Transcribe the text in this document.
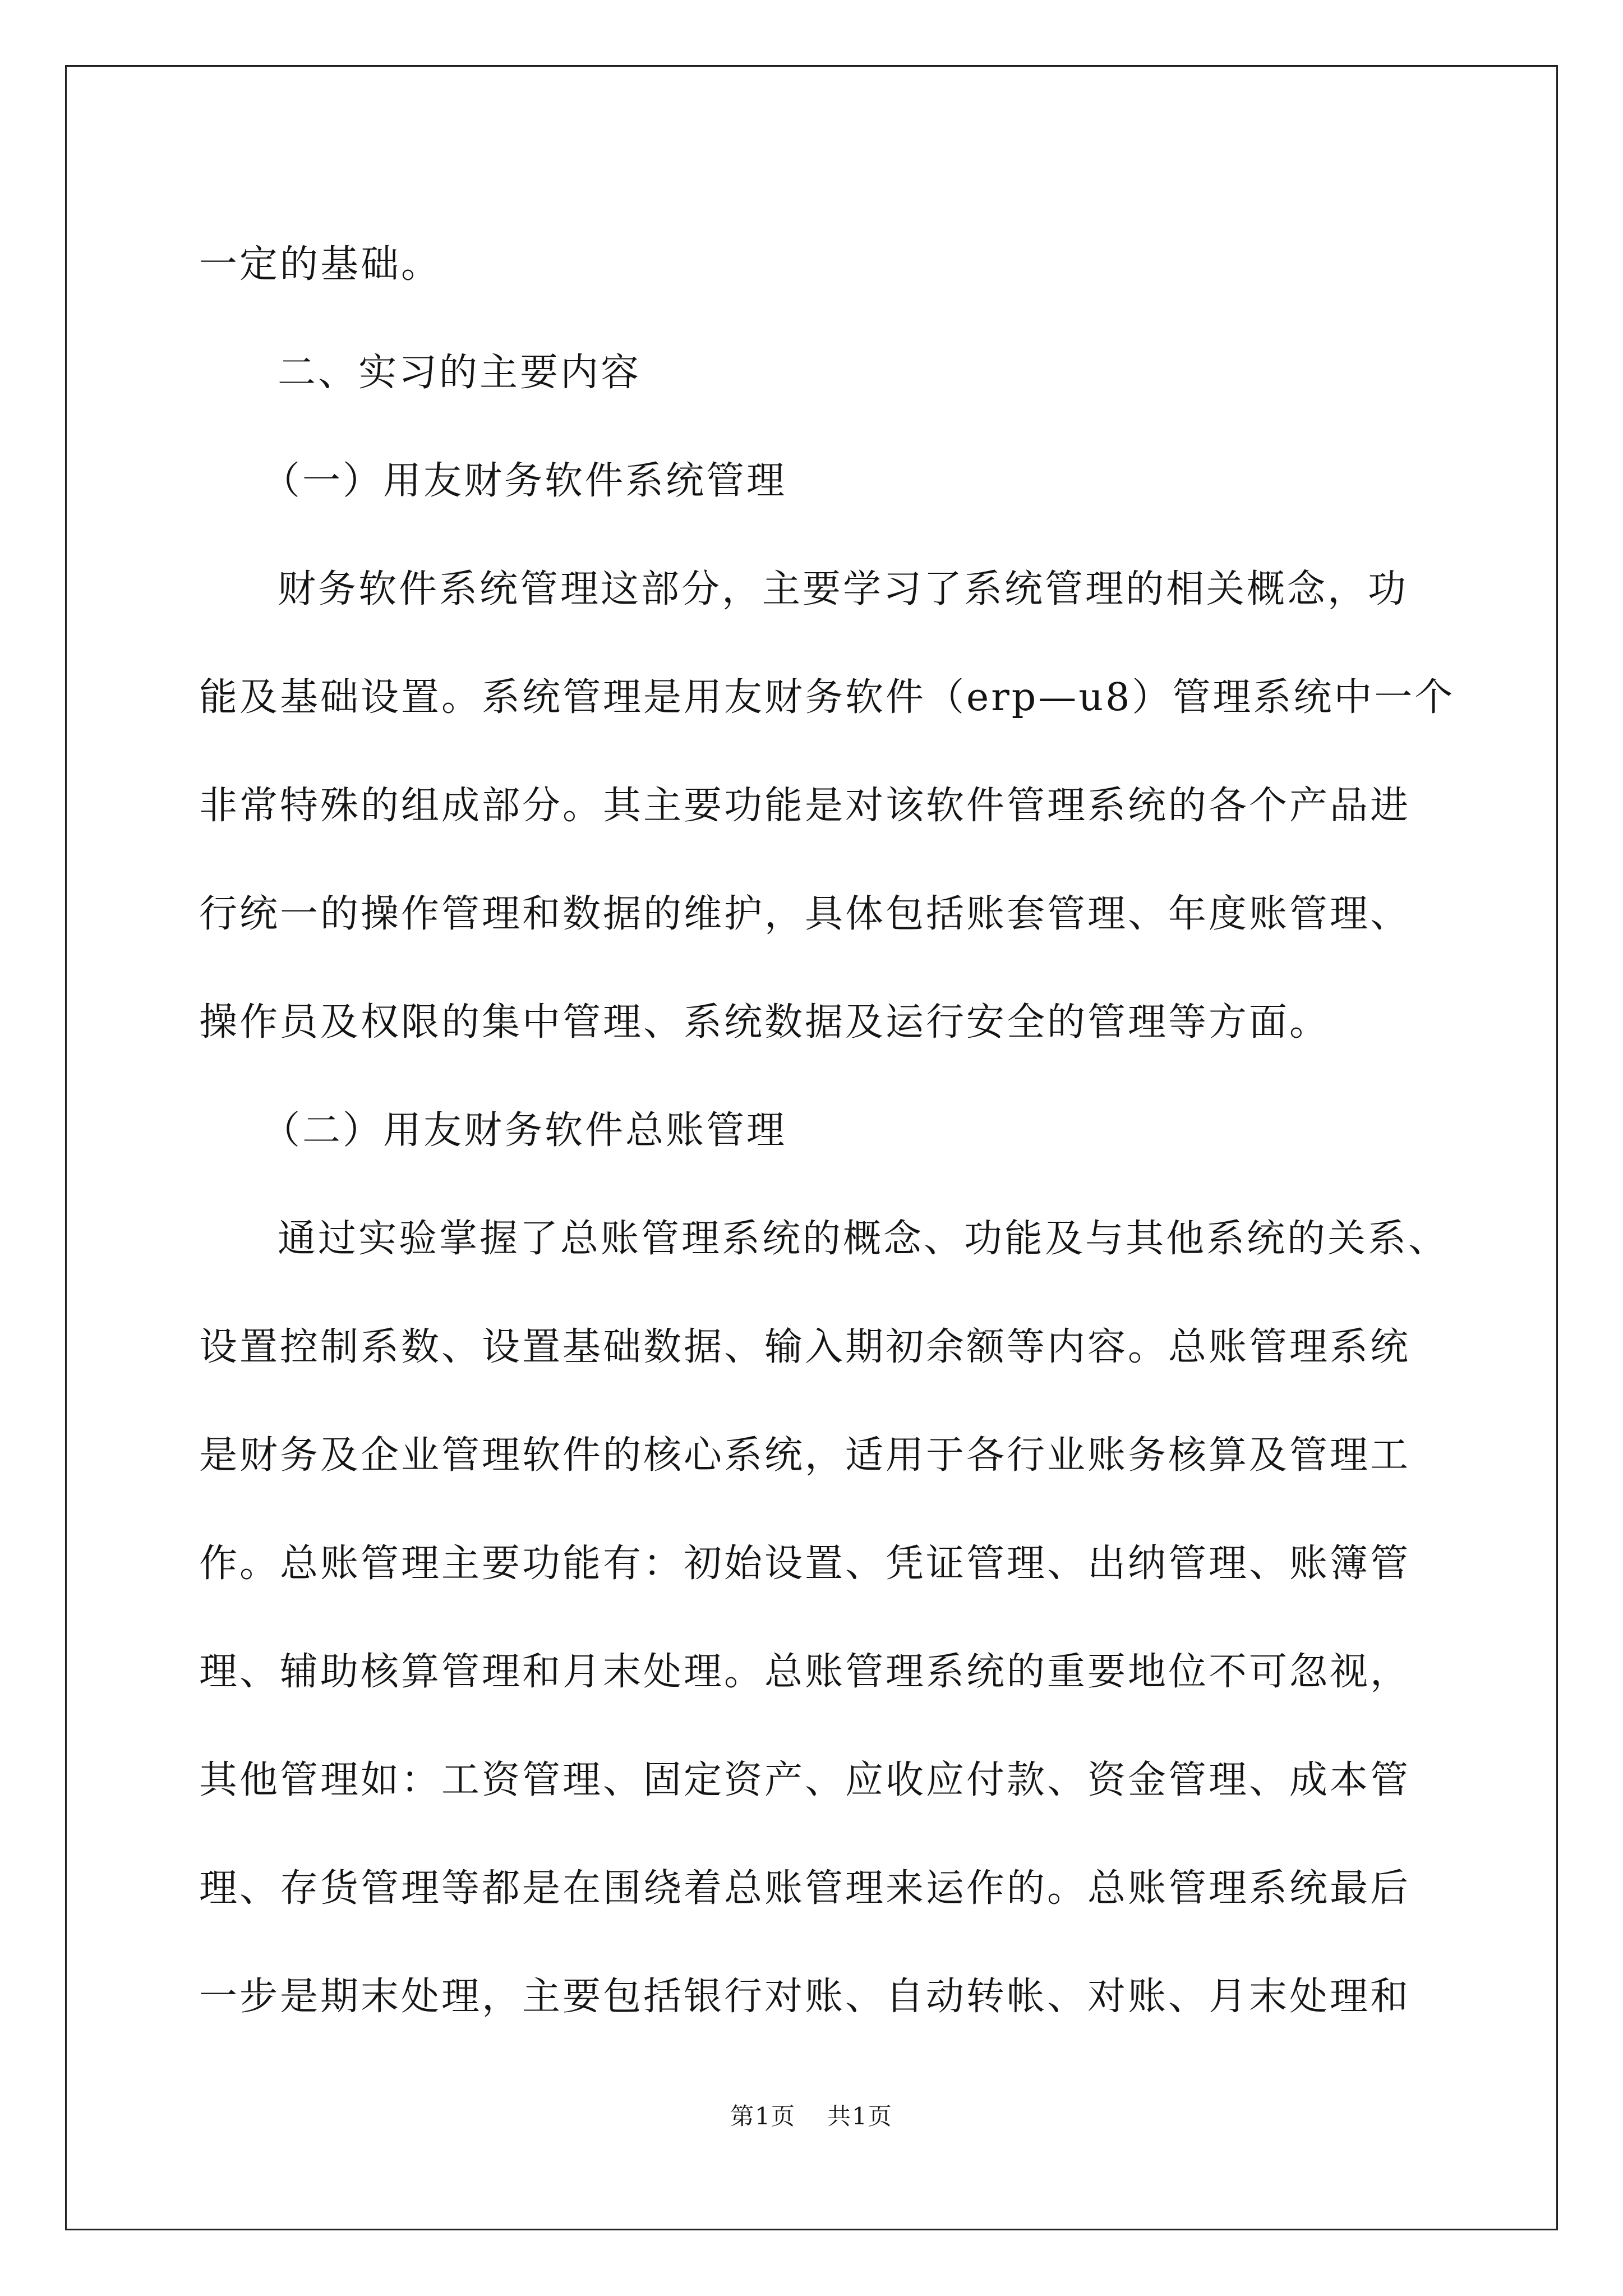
一定的基础。
二、实习的主要内容
（一）用友财务软件系统管理
财务软件系统管理这部分，主要学习了系统管理的相关概念，功
能及基础设置。系统管理是用友财务软件（erp—u8）管理系统中一个
非常特殊的组成部分。其主要功能是对该软件管理系统的各个产品进
行统一的操作管理和数据的维护，具体包括账套管理、年度账管理、
操作员及权限的集中管理、系统数据及运行安全的管理等方面。
（二）用友财务软件总账管理
通过实验掌握了总账管理系统的概念、功能及与其他系统的关系、
设置控制系数、设置基础数据、输入期初余额等内容。总账管理系统
是财务及企业管理软件的核心系统，适用于各行业账务核算及管理工
作。总账管理主要功能有：初始设置、凭证管理、出纳管理、账簿管
理、辅助核算管理和月末处理。总账管理系统的重要地位不可忽视，
其他管理如：工资管理、固定资产、应收应付款、资金管理、成本管
理、存货管理等都是在围绕着总账管理来运作的。总账管理系统最后
一步是期末处理，主要包括银行对账、自动转帐、对账、月末处理和
第1页 共1页
